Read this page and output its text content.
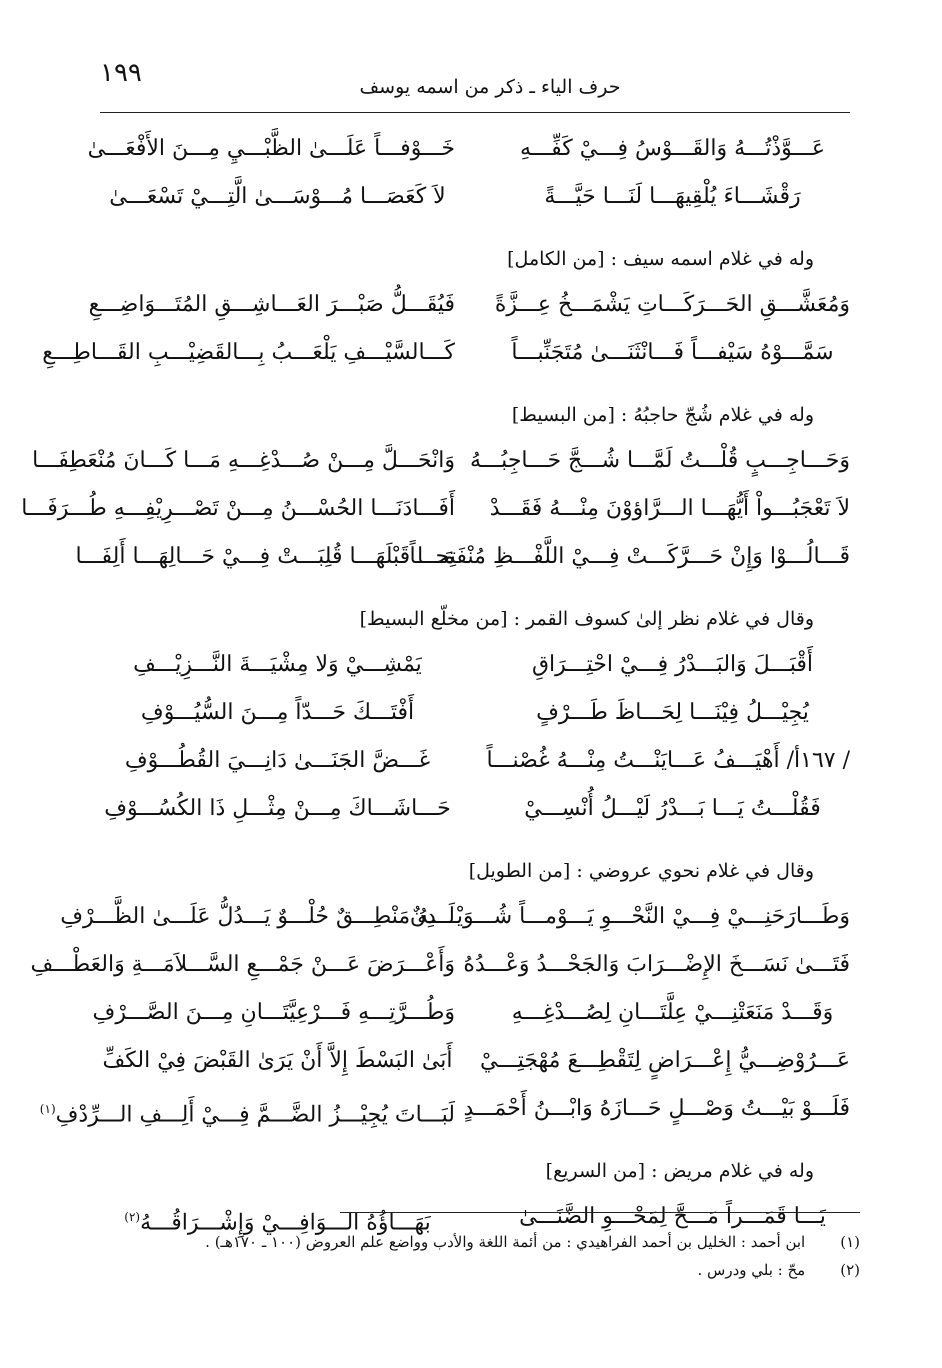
١٩٩	حرف الياء ـ ذكر من اسمه يوسف
عَـــوَّذْتُـــهُ وَالقَـــوْسُ فِـــيْ كَفِّـــهِ
خَـــوْفـــاً عَلَـــىٰ الظَّبْـــيِ مِـــنَ الأَفْعَـــىٰ
رَقْشَـــاءَ يُلْقِيهَـــا لَنَـــا حَيَّـــةً
لاَ كَعَصَـــا مُـــوْسَـــىٰ الَّتِـــيْ تَسْعَـــىٰ
وله في غلام اسمه سيف : [من الكامل]
وَمُعَشَّـــقِ الحَـــرَكَـــاتِ يَشْمَـــخُ عِـــزَّةً
فَيُقَـــلُّ صَبْـــرَ العَـــاشِـــقِ المُتَـــوَاضِـــعِ
سَمَّـــوْهُ سَيْفـــاً فَـــانْثَنَـــىٰ مُتَجَنِّبـــاً
كَـــالسَّيْـــفِ يَلْعَـــبُ بِـــالقَضِيْـــبِ القَـــاطِـــعِ
وله في غلام شُجّ حاجبُهُ : [من البسيط]
وَحَـــاجِـــبٍ قُلْـــتُ لَمَّـــا شُـــجَّ حَـــاجِبُـــهُ
وَانْحَـــلَّ مِـــنْ صُـــدْغِـــهِ مَـــا كَـــانَ مُنْعَطِفَـــا
لاَ تَعْجَبُـــواْ أَيُّهَـــا الـــرَّاؤوْنَ مِنْـــهُ فَقَـــدْ
أَفَـــادَنَـــا الحُسْـــنُ مِـــنْ تَصْـــرِيْفِـــهِ طُـــرَفَـــا
قَـــالُـــوْا وَإِنْ حَـــرَّكَـــتْ فِـــيْ اللَّفْـــظِ مُنْفَتِحـــاً
مَـــا قَبْلَهَـــا قُلِبَـــتْ فِـــيْ حَـــالِهَـــا أَلِفَـــا
وقال في غلام نظر إلىٰ كسوف القمر : [من مخلّع البسيط]
أَقْبَـــلَ وَالبَـــدْرُ فِـــيْ احْتِـــرَاقِ
يَمْشِـــيْ وَلا مِشْيَـــةَ النَّـــزِيْـــفِ
يُجِيْـــلُ فِيْنَـــا لِحَـــاظَ طَـــرْفٍ
أَفْتَـــكَ حَـــدّاً مِـــنَ السُّيُـــوْفِ
/ ١٦٧أ/ أَهْيَـــفُ عَـــايَنْـــتُ مِنْـــهُ غُصْنـــاً
غَـــضَّ الجَنَـــىٰ دَانِـــيَ القُطُـــوْفِ
فَقُلْـــتُ يَـــا بَـــدْرُ لَيْـــلُ أُنْسِـــيْ
حَـــاشَـــاكَ مِـــنْ مِثْـــلِ ذَا الكُسُـــوْفِ
وقال في غلام نحوي عروضي : [من الطويل]
وَطَـــارَحَنِـــيْ فِـــيْ النَّحْـــوِ يَـــوْمـــاً شُـــوَيْـــدِنٌ
لَـــهُ مَنْطِـــقٌ حُلْـــوٌ يَـــدُلُّ عَلَـــىٰ الظَّـــرْفِ
فَتَـــىٰ نَسَـــخَ الإِضْـــرَابَ وَالجَحْـــدُ وَعْـــدُهُ
وَأَعْـــرَضَ عَـــنْ جَمْـــعِ السَّـــلاَمَـــةِ وَالعَطْـــفِ
وَقَـــدْ مَنَعَتْنِـــيْ عِلَّتَـــانِ لِصُـــدْغِـــهِ
وَطُـــرَّتِـــهِ فَـــرْعِيَّتَـــانِ مِـــنَ الصَّـــرْفِ
عَـــرُوْضِـــيُّ إِعْـــرَاضٍ لِتَقْطِـــعَ مُهْجَتِـــيْ
أَبَىٰ البَسْطَ إِلاَّ أَنْ يَرَىٰ القَبْضَ فِيْ الكَفِّ
فَلَـــوْ بَيْـــتُ وَصْـــلٍ حَـــازَهُ وَابْـــنُ أَحْمَـــدٍ
لَبَـــاتَ يُجِيْـــزُ الضَّـــمَّ فِـــيْ أَلِـــفِ الـــرِّدْفِ$^{(١)}$
وله في غلام مريض : [من السريع]
يَـــا قَمَـــراً مَـــحَّ لِمَحْـــوِ الضَّنَـــىٰ
بَهَـــاؤُهُ الـــوَافِـــيْ وَإِشْـــرَاقُـــهُ$^{(٢)}$
(١) ابن أحمد : الخليل بن أحمد الفراهيدي : من أئمة اللغة والأدب وواضع علم العروض (١٠٠ ـ ١٧٠هـ) .
(٢) محّ : بلي ودرس .
